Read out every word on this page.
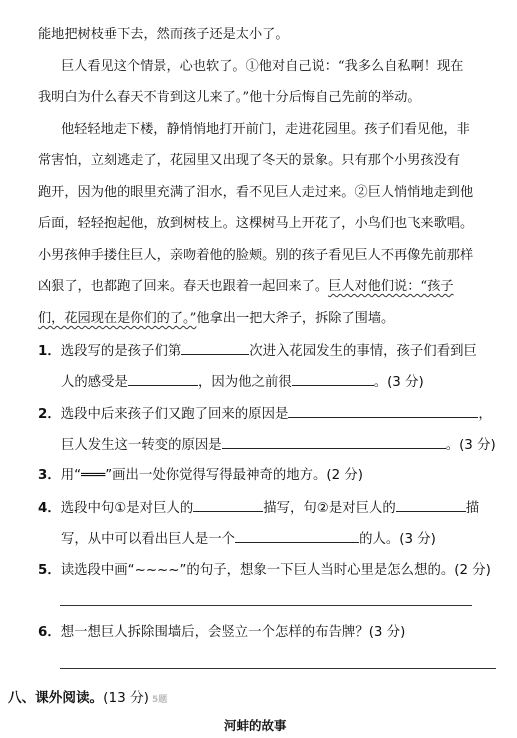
能地把树枝垂下去，然而孩子还是太小了。
巨人看见这个情景，心也软了。①他对自己说：“我多么自私啊！现在
我明白为什么春天不肯到这儿来了。”他十分后悔自己先前的举动。
他轻轻地走下楼，静悄悄地打开前门，走进花园里。孩子们看见他，非
常害怕，立刻逃走了，花园里又出现了冬天的景象。只有那个小男孩没有
跑开，因为他的眼里充满了泪水，看不见巨人走过来。②巨人悄悄地走到他
后面，轻轻抱起他，放到树枝上。这棵树马上开花了，小鸟们也飞来歌唱。
小男孩伸手搂住巨人，亲吻着他的脸颊。别的孩子看见巨人不再像先前那样
凶狠了，也都跑了回来。春天也跟着一起回来了。巨人对他们说：“孩子
们，花园现在是你们的了。”他拿出一把大斧子，拆除了围墙。
1．选段写的是孩子们第	次进入花园发生的事情，孩子们看到巨
人的感受是	，因为他之前很	。(3 分)
2．选段中后来孩子们又跑了回来的原因是	，
巨人发生这一转变的原因是	。(3 分)
3．用“═══”画出一处你觉得写得最神奇的地方。(2 分)
4．选段中句①是对巨人的	描写，句②是对巨人的	描
写，从中可以看出巨人是一个	的人。(3 分)
5．读选段中画“~~~~”的句子，想象一下巨人当时心里是怎么想的。(2 分)
6．想一想巨人拆除围墙后，会竖立一个怎样的布告牌？(3 分)
八、课外阅读。(13 分) 5题
河蚌的故事
